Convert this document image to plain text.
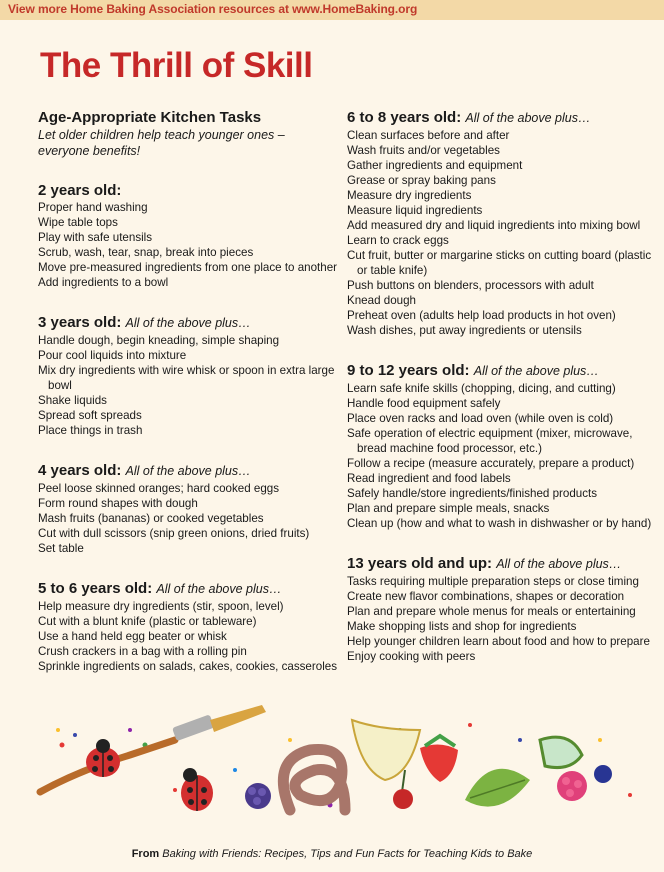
View more Home Baking Association resources at www.HomeBaking.org
The Thrill of Skill
Age-Appropriate Kitchen Tasks
Let older children help teach younger ones – everyone benefits!

2 years old:

Proper hand washing
Wipe table tops
Play with safe utensils
Scrub, wash, tear, snap, break into pieces
Move pre-measured ingredients from one place to another
Add ingredients to a bowl

3 years old: All of the above plus…

Handle dough, begin kneading, simple shaping
Pour cool liquids into mixture
Mix dry ingredients with wire whisk or spoon in extra large bowl
Shake liquids
Spread soft spreads
Place things in trash

4 years old: All of the above plus…

Peel loose skinned oranges; hard cooked eggs
Form round shapes with dough
Mash fruits (bananas) or cooked vegetables
Cut with dull scissors (snip green onions, dried fruits)
Set table

5 to 6 years old: All of the above plus…

Help measure dry ingredients (stir, spoon, level)
Cut with a blunt knife (plastic or tableware)
Use a hand held egg beater or whisk
Crush crackers in a bag with a rolling pin
Sprinkle ingredients on salads, cakes, cookies, casseroles

6 to 8 years old: All of the above plus…

Clean surfaces before and after
Wash fruits and/or vegetables
Gather ingredients and equipment
Grease or spray baking pans
Measure dry ingredients
Measure liquid ingredients
Add measured dry and liquid ingredients into mixing bowl
Learn to crack eggs
Cut fruit, butter or margarine sticks on cutting board (plastic or table knife)
Push buttons on blenders, processors with adult
Knead dough
Preheat oven (adults help load products in hot oven)
Wash dishes, put away ingredients or utensils

9 to 12 years old: All of the above plus…

Learn safe knife skills (chopping, dicing, and cutting)
Handle food equipment safely
Place oven racks and load oven (while oven is cold)
Safe operation of electric equipment (mixer, microwave, bread machine food processor, etc.)
Follow a recipe (measure accurately, prepare a product)
Read ingredient and food labels
Safely handle/store ingredients/finished products
Plan and prepare simple meals, snacks
Clean up (how and what to wash in dishwasher or by hand)

13 years old and up: All of the above plus…

Tasks requiring multiple preparation steps or close timing
Create new flavor combinations, shapes or decoration
Plan and prepare whole menus for meals or entertaining
Make shopping lists and shop for ingredients
Help younger children learn about food and how to prepare
Enjoy cooking with peers
From Baking with Friends: Recipes, Tips and Fun Facts for Teaching Kids to Bake
